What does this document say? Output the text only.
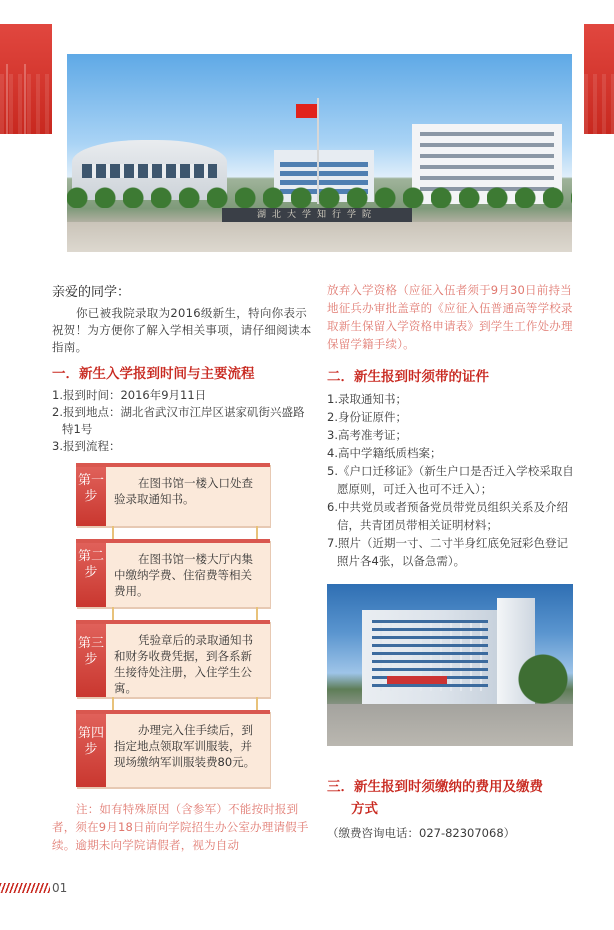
湖北大学知行学院
亲爱的同学：
你已被我院录取为2016级新生，特向你表示祝贺！为方便你了解入学相关事项，请仔细阅读本指南。
一．新生入学报到时间与主要流程
1.报到时间：2016年9月11日
2.报到地点：湖北省武汉市江岸区谌家矶街兴盛路特1号
3.报到流程：
第一步
在图书馆一楼入口处查验录取通知书。
第二步
在图书馆一楼大厅内集中缴纳学费、住宿费等相关费用。
第三步
凭验章后的录取通知书和财务收费凭据，到各系新生接待处注册，入住学生公寓。
第四步
办理完入住手续后，到指定地点领取军训服装，并现场缴纳军训服装费80元。
注：如有特殊原因（含参军）不能按时报到者，须在9月18日前向学院招生办公室办理请假手续。逾期未向学院请假者，视为自动
放弃入学资格（应征入伍者须于9月30日前持当地征兵办审批盖章的《应征入伍普通高等学校录取新生保留入学资格申请表》到学生工作处办理保留学籍手续）。
二．新生报到时须带的证件
1.录取通知书；
2.身份证原件；
3.高考准考证；
4.高中学籍纸质档案；
5.《户口迁移证》（新生户口是否迁入学校采取自愿原则，可迁入也可不迁入）；
6.中共党员或者预备党员带党员组织关系及介绍信，共青团员带相关证明材料；
7.照片（近期一寸、二寸半身红底免冠彩色登记照片各4张，以备急需）。
三．新生报到时须缴纳的费用及缴费
方式
（缴费咨询电话：027-82307068）
01
